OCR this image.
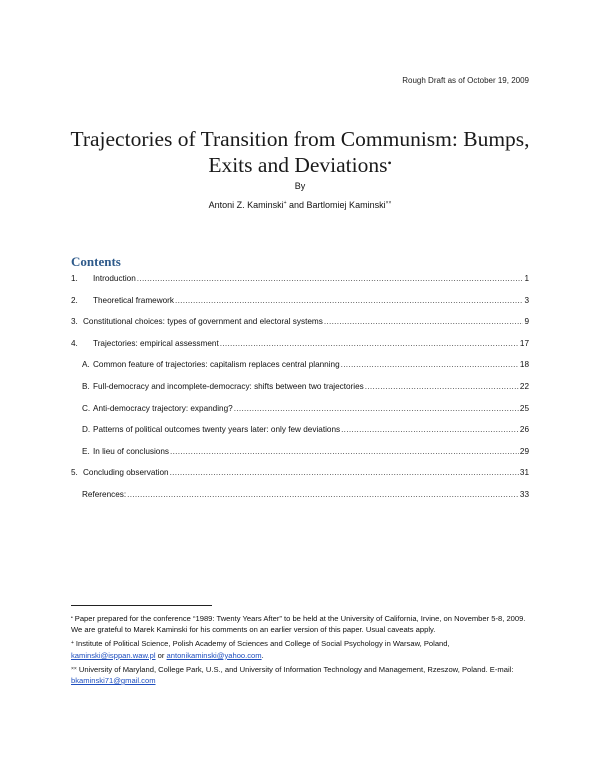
Rough Draft as of October 19, 2009
Trajectories of Transition from Communism: Bumps,
Exits and Deviations•
By
Antoni Z. Kaminski+ and Bartlomiej Kaminski××
Contents
1.	Introduction .....	1
2.	Theoretical framework .....	3
3. Constitutional choices: types of government and electoral systems .....	9
4.	Trajectories: empirical assessment .....	17
A. Common feature of trajectories: capitalism replaces central planning .....	18
B. Full-democracy and incomplete-democracy: shifts between two trajectories .....	22
C. Anti-democracy trajectory: expanding? .....	25
D. Patterns of political outcomes twenty years later: only few deviations .....	26
E. In lieu of conclusions .....	29
5. Concluding observation .....	31
References: .....	33

• Paper prepared for the conference “1989: Twenty Years After” to be held at the University of California, Irvine, on November 5-8, 2009. We are grateful to Marek Kaminski for his comments on an earlier version of this paper. Usual caveats apply.

+ Institute of Political Science, Polish Academy of Sciences and College of Social Psychology in Warsaw, Poland,
kaminski@isppan.waw.pl or antonikaminski@yahoo.com.

×× University of Maryland, College Park, U.S., and University of Information Technology and Management, Rzeszow, Poland. E-mail: bkaminski71@gmail.com
